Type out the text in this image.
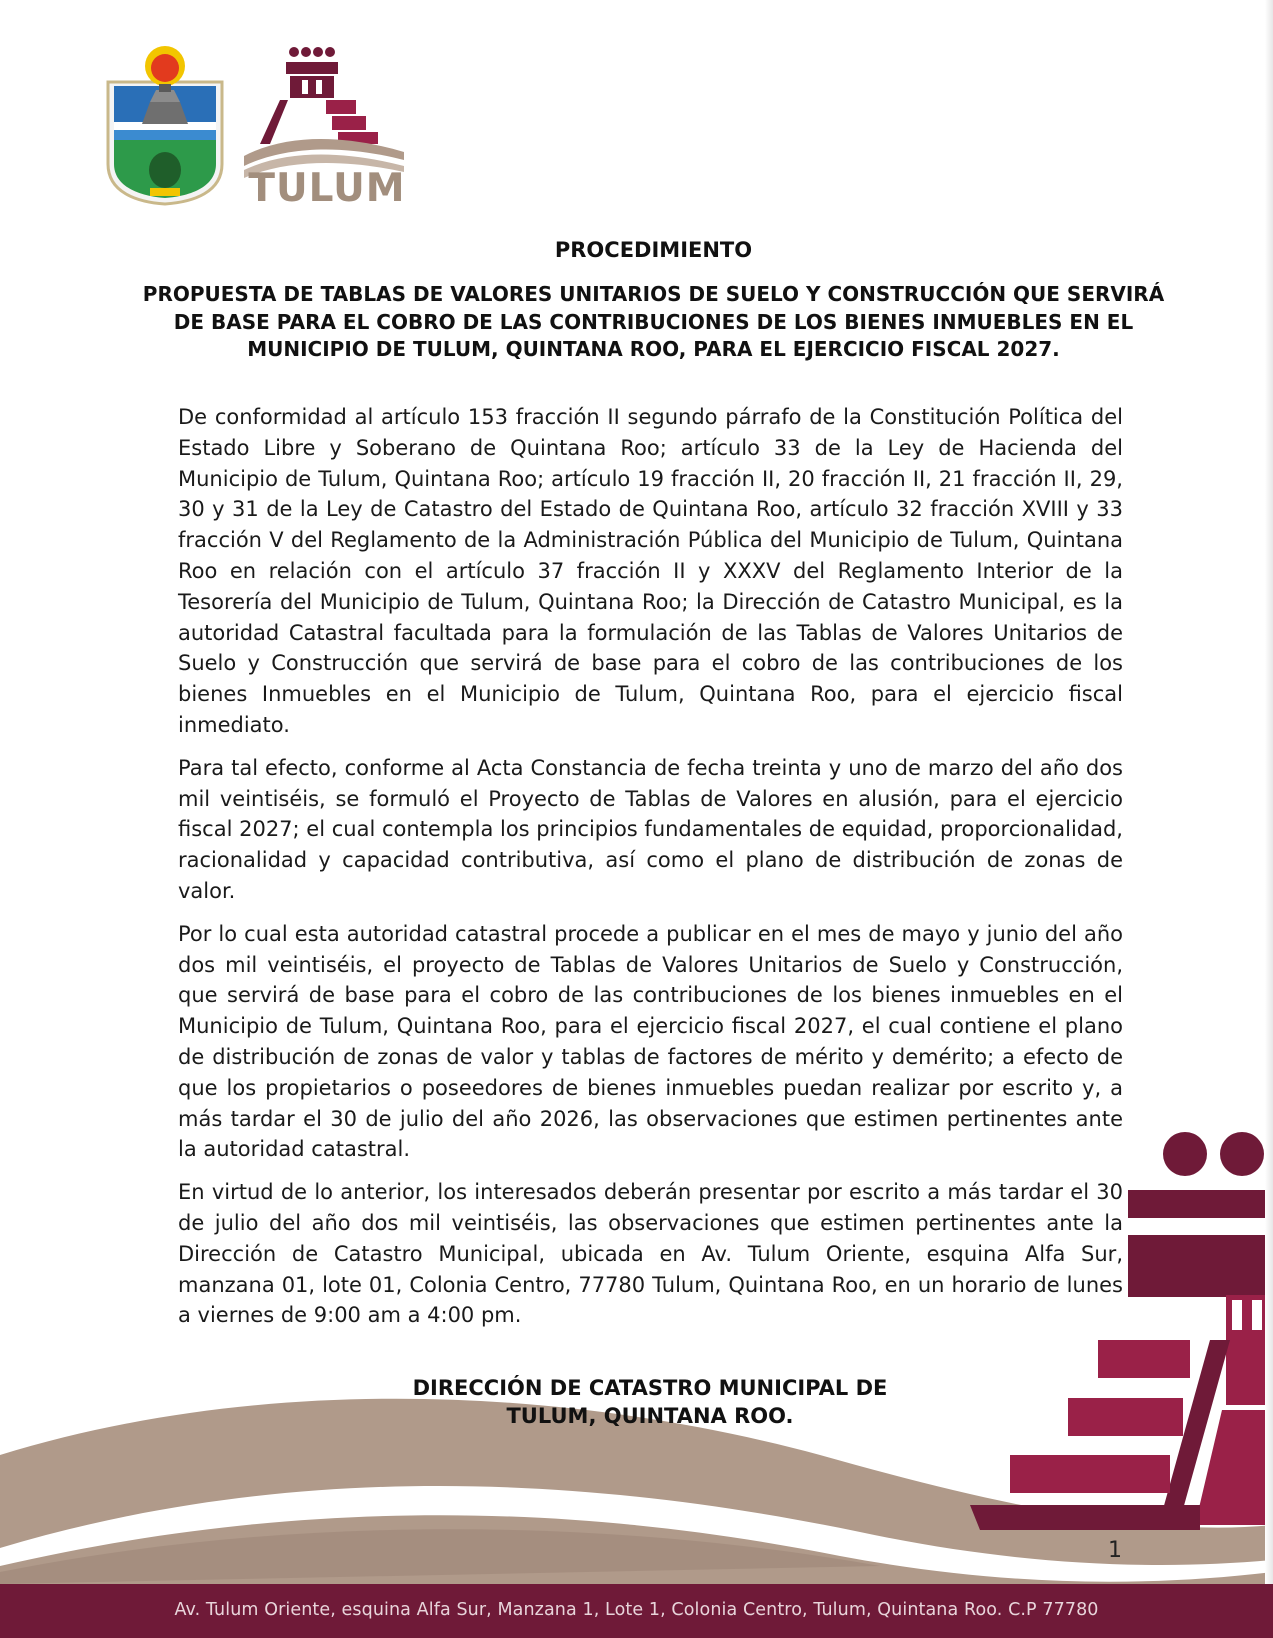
TULUM
PROCEDIMIENTO
PROPUESTA DE TABLAS DE VALORES UNITARIOS DE SUELO Y CONSTRUCCIÓN QUE SERVIRÁ DE BASE PARA EL COBRO DE LAS CONTRIBUCIONES DE LOS BIENES INMUEBLES EN EL MUNICIPIO DE TULUM, QUINTANA ROO, PARA EL EJERCICIO FISCAL 2027.

De conformidad al artículo 153 fracción II segundo párrafo de la Constitución Política del Estado Libre y Soberano de Quintana Roo; artículo 33 de la Ley de Hacienda del Municipio de Tulum, Quintana Roo; artículo 19 fracción II, 20 fracción II, 21 fracción II, 29, 30 y 31 de la Ley de Catastro del Estado de Quintana Roo, artículo 32 fracción XVIII y 33 fracción V del Reglamento de la Administración Pública del Municipio de Tulum, Quintana Roo en relación con el artículo 37 fracción II y XXXV del Reglamento Interior de la Tesorería del Municipio de Tulum, Quintana Roo; la Dirección de Catastro Municipal, es la autoridad Catastral facultada para la formulación de las Tablas de Valores Unitarios de Suelo y Construcción que servirá de base para el cobro de las contribuciones de los bienes Inmuebles en el Municipio de Tulum, Quintana Roo, para el ejercicio fiscal inmediato.

Para tal efecto, conforme al Acta Constancia de fecha treinta y uno de marzo del año dos mil veintiséis, se formuló el Proyecto de Tablas de Valores en alusión, para el ejercicio fiscal 2027; el cual contempla los principios fundamentales de equidad, proporcionalidad, racionalidad y capacidad contributiva, así como el plano de distribución de zonas de valor.

Por lo cual esta autoridad catastral procede a publicar en el mes de mayo y junio del año dos mil veintiséis, el proyecto de Tablas de Valores Unitarios de Suelo y Construcción, que servirá de base para el cobro de las contribuciones de los bienes inmuebles en el Municipio de Tulum, Quintana Roo, para el ejercicio fiscal 2027, el cual contiene el plano de distribución de zonas de valor y tablas de factores de mérito y demérito; a efecto de que los propietarios o poseedores de bienes inmuebles puedan realizar por escrito y, a más tardar el 30 de julio del año 2026, las observaciones que estimen pertinentes ante la autoridad catastral.

En virtud de lo anterior, los interesados deberán presentar por escrito a más tardar el 30 de julio del año dos mil veintiséis, las observaciones que estimen pertinentes ante la Dirección de Catastro Municipal, ubicada en Av. Tulum Oriente, esquina Alfa Sur, manzana 01, lote 01, Colonia Centro, 77780 Tulum, Quintana Roo, en un horario de lunes a viernes de 9:00 am a 4:00 pm.

DIRECCIÓN DE CATASTRO MUNICIPAL DE
TULUM, QUINTANA ROO.
1
Av. Tulum Oriente, esquina Alfa Sur, Manzana 1, Lote 1, Colonia Centro, Tulum, Quintana Roo. C.P 77780
